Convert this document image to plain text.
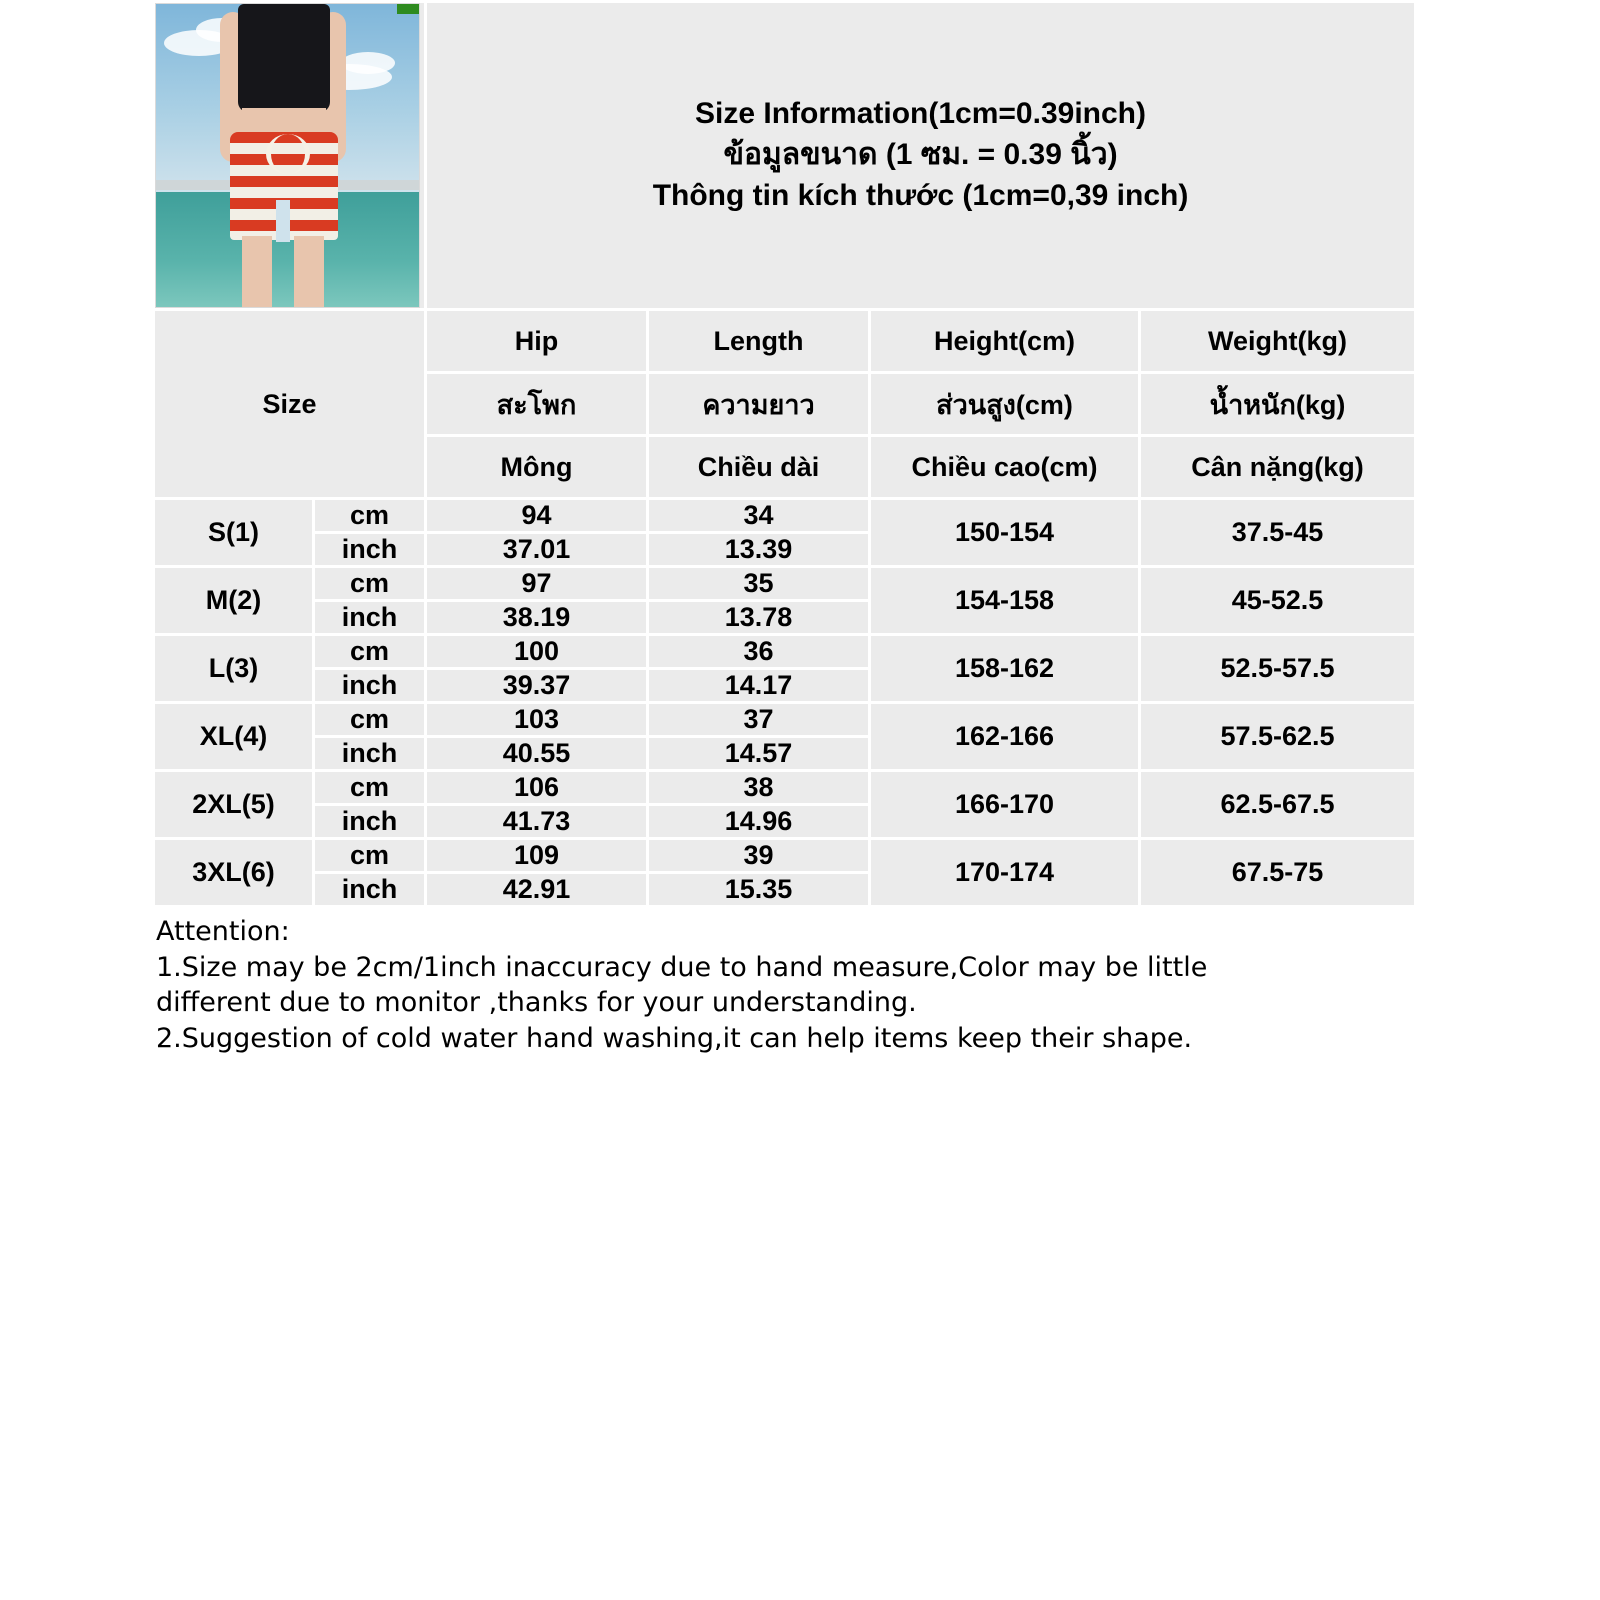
		Size Information(1cm=0.39inch)
ข้อมูลขนาด (1 ซม. = 0.39 นิ้ว)
Thông tin kích thước (1cm=0,39 inch)			

Size		Hip	Length	Height(cm)	Weight(kg)
		สะโพก	ความยาว	ส่วนสูง(cm)	น้ำหนัก(kg)
		Mông	Chiều dài	Chiều cao(cm)	Cân nặng(kg)
S(1)	cm	94	34	150-154	37.5-45
	inch	37.01	13.39		
M(2)	cm	97	35	154-158	45-52.5
	inch	38.19	13.78		
L(3)	cm	100	36	158-162	52.5-57.5
	inch	39.37	14.17		
XL(4)	cm	103	37	162-166	57.5-62.5
	inch	40.55	14.57		
2XL(5)	cm	106	38	166-170	62.5-67.5
	inch	41.73	14.96		
3XL(6)	cm	109	39	170-174	67.5-75
	inch	42.91	15.35		
Attention:
1.Size may be 2cm/1inch inaccuracy due to hand measure,Color may be little
different due to monitor ,thanks for your understanding.
2.Suggestion of cold water hand washing,it can help items keep their shape.
